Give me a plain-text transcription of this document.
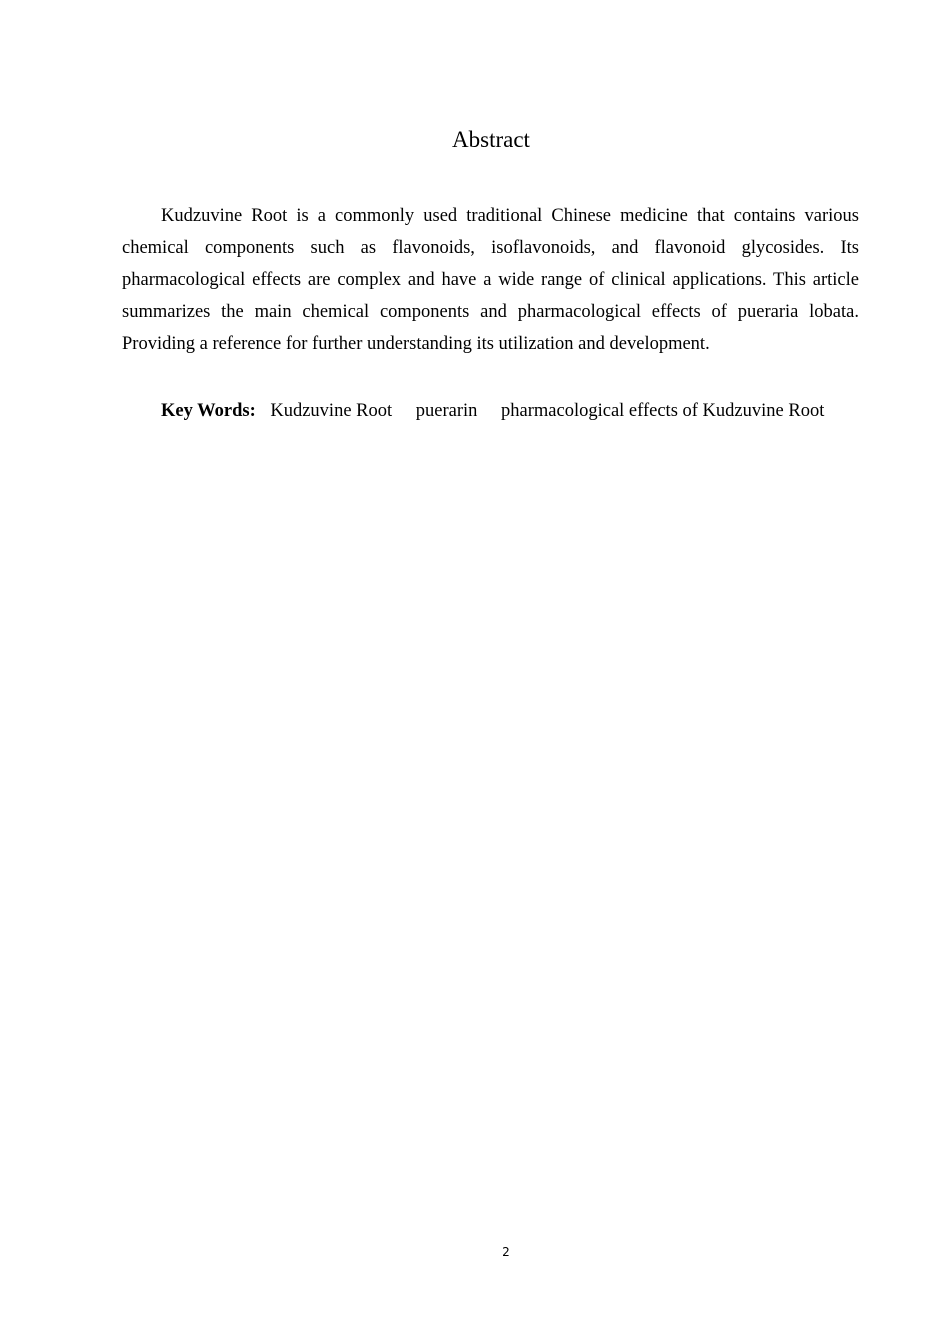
Abstract

Kudzuvine Root is a commonly used traditional Chinese medicine that contains various chemical components such as flavonoids, isoflavonoids, and flavonoid glycosides. Its pharmacological effects are complex and have a wide range of clinical applications. This article summarizes the main chemical components and pharmacological effects of pueraria lobata. Providing a reference for further understanding its utilization and development.

Key Words: Kudzuvine Root puerarin pharmacological effects of Kudzuvine Root

2
